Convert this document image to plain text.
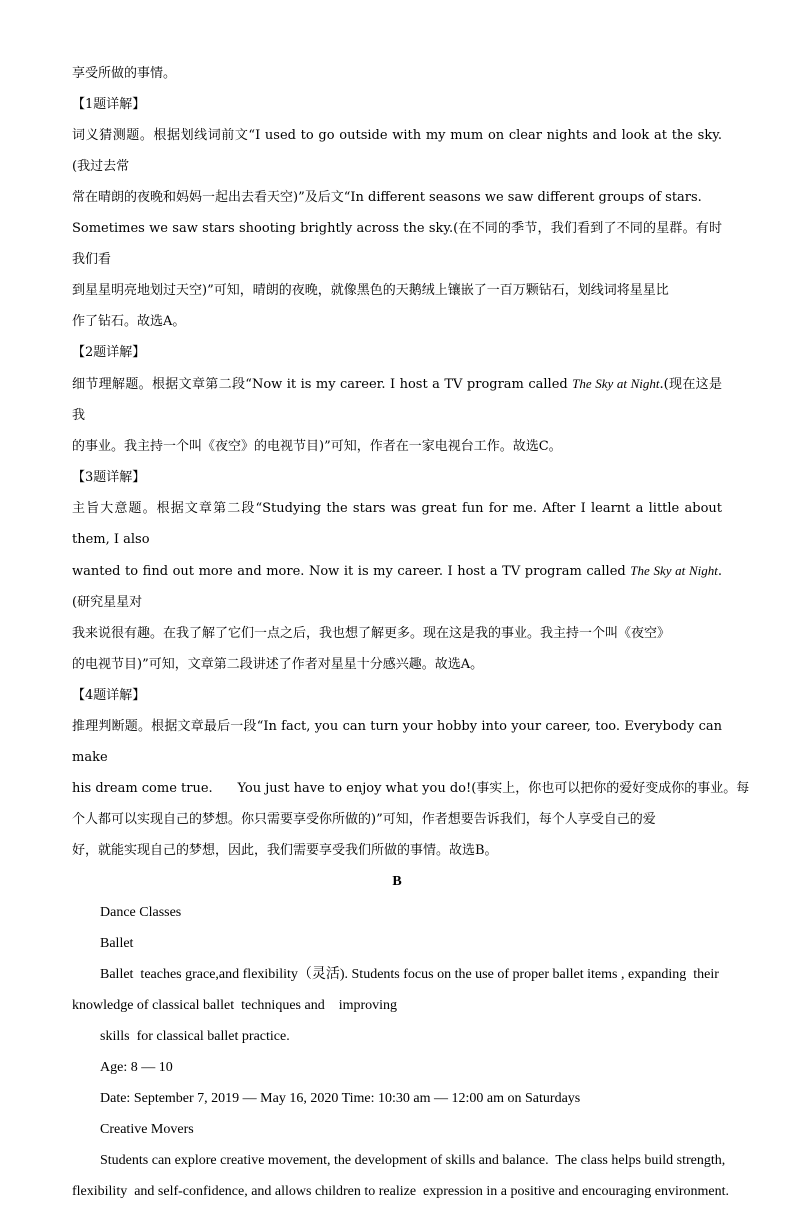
享受所做的事情。

【1题详解】

词义猜测题。根据划线词前文“I used to go outside with my mum on clear nights and look at the sky.(我过去常

常在晴朗的夜晚和妈妈一起出去看天空)”及后文“In different seasons we saw different groups of stars.

Sometimes we saw stars shooting brightly across the sky.(在不同的季节，我们看到了不同的星群。有时我们看

到星星明亮地划过天空)”可知，晴朗的夜晚，就像黑色的天鹅绒上镶嵌了一百万颗钻石，划线词将星星比

作了钻石。故选A。

【2题详解】

细节理解题。根据文章第二段“Now it is my career. I host a TV program called The Sky at Night.(现在这是我

的事业。我主持一个叫《夜空》的电视节目)”可知，作者在一家电视台工作。故选C。

【3题详解】

主旨大意题。根据文章第二段“Studying the stars was great fun for me. After I learnt a little about them, I also

wanted to find out more and more. Now it is my career. I host a TV program called The Sky at Night.(研究星星对

我来说很有趣。在我了解了它们一点之后，我也想了解更多。现在这是我的事业。我主持一个叫《夜空》

的电视节目)”可知，文章第二段讲述了作者对星星十分感兴趣。故选A。

【4题详解】

推理判断题。根据文章最后一段“In fact, you can turn your hobby into your career, too. Everybody can make

his dream come true.      You just have to enjoy what you do!(事实上，你也可以把你的爱好变成你的事业。每

个人都可以实现自己的梦想。你只需要享受你所做的)”可知，作者想要告诉我们，每个人享受自己的爱

好，就能实现自己的梦想，因此，我们需要享受我们所做的事情。故选B。

B

Dance Classes

Ballet

Ballet  teaches grace,and flexibility（灵活). Students focus on the use of proper ballet items , expanding  their

knowledge of classical ballet  techniques and    improving

skills  for classical ballet practice.

Age: 8 — 10

Date: September 7, 2019 — May 16, 2020 Time: 10:30 am — 12:00 am on Saturdays

Creative Movers

Students can explore creative movement, the development of skills and balance.  The class helps build strength,

flexibility  and self-confidence, and allows children to realize  expression in a positive and encouraging environment.
